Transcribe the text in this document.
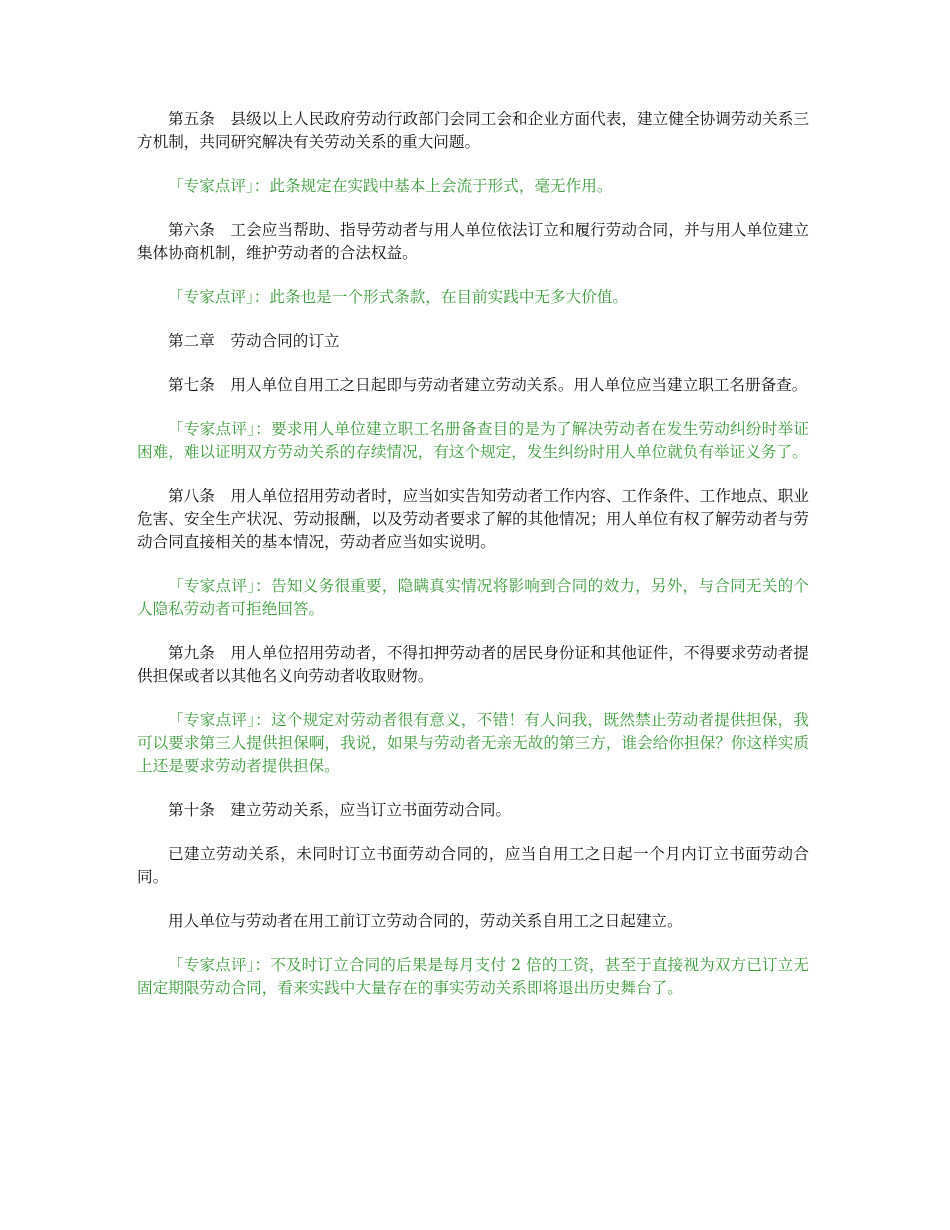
第五条　县级以上人民政府劳动行政部门会同工会和企业方面代表，建立健全协调劳动关系三方机制，共同研究解决有关劳动关系的重大问题。

「专家点评」：此条规定在实践中基本上会流于形式，毫无作用。

第六条　工会应当帮助、指导劳动者与用人单位依法订立和履行劳动合同，并与用人单位建立集体协商机制，维护劳动者的合法权益。

「专家点评」：此条也是一个形式条款，在目前实践中无多大价值。

第二章　劳动合同的订立

第七条　用人单位自用工之日起即与劳动者建立劳动关系。用人单位应当建立职工名册备查。

「专家点评」：要求用人单位建立职工名册备查目的是为了解决劳动者在发生劳动纠纷时举证困难，难以证明双方劳动关系的存续情况，有这个规定，发生纠纷时用人单位就负有举证义务了。

第八条　用人单位招用劳动者时，应当如实告知劳动者工作内容、工作条件、工作地点、职业危害、安全生产状况、劳动报酬，以及劳动者要求了解的其他情况；用人单位有权了解劳动者与劳动合同直接相关的基本情况，劳动者应当如实说明。

「专家点评」：告知义务很重要，隐瞒真实情况将影响到合同的效力，另外，与合同无关的个人隐私劳动者可拒绝回答。

第九条　用人单位招用劳动者，不得扣押劳动者的居民身份证和其他证件，不得要求劳动者提供担保或者以其他名义向劳动者收取财物。

「专家点评」：这个规定对劳动者很有意义，不错！有人问我，既然禁止劳动者提供担保，我可以要求第三人提供担保啊，我说，如果与劳动者无亲无故的第三方，谁会给你担保？你这样实质上还是要求劳动者提供担保。

第十条　建立劳动关系，应当订立书面劳动合同。

已建立劳动关系，未同时订立书面劳动合同的，应当自用工之日起一个月内订立书面劳动合同。

用人单位与劳动者在用工前订立劳动合同的，劳动关系自用工之日起建立。

「专家点评」：不及时订立合同的后果是每月支付 2 倍的工资，甚至于直接视为双方已订立无固定期限劳动合同，看来实践中大量存在的事实劳动关系即将退出历史舞台了。
